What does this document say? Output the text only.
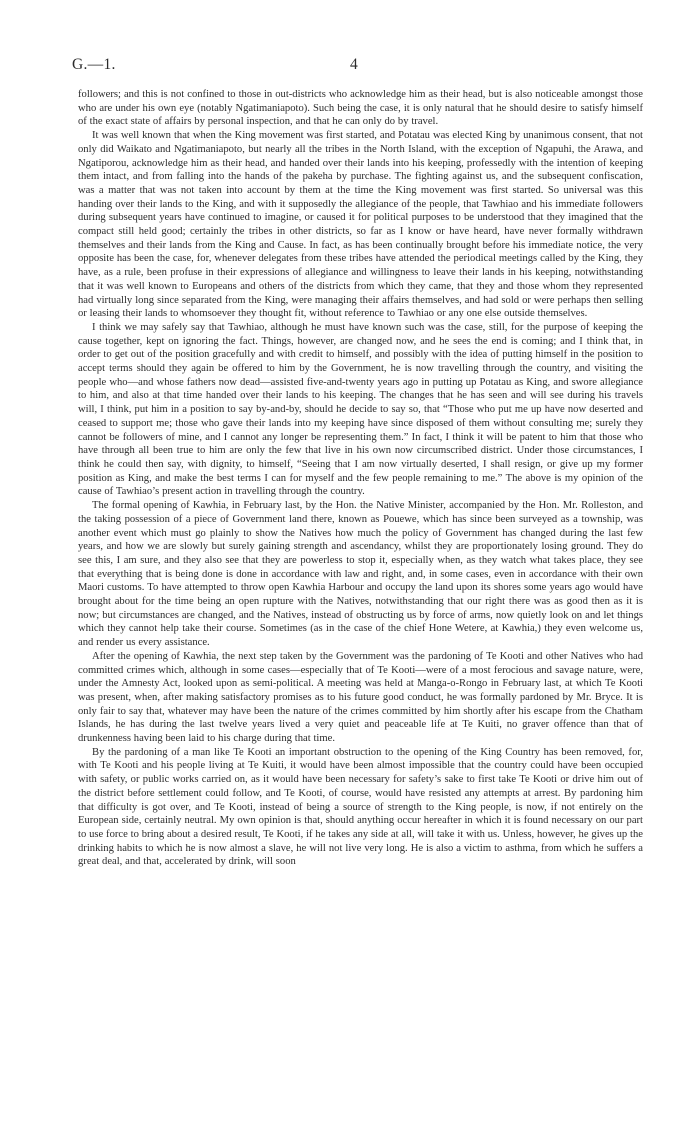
G.—1.	4

followers; and this is not confined to those in out-districts who acknowledge him as their head, but is also noticeable amongst those who are under his own eye (notably Ngatimaniapoto). Such being the case, it is only natural that he should desire to satisfy himself of the exact state of affairs by personal inspection, and that he can only do by travel.

It was well known that when the King movement was first started, and Potatau was elected King by unanimous consent, that not only did Waikato and Ngatimaniapoto, but nearly all the tribes in the North Island, with the exception of Ngapuhi, the Arawa, and Ngatiporou, acknowledge him as their head, and handed over their lands into his keeping, professedly with the intention of keeping them intact, and from falling into the hands of the pakeha by purchase. The fighting against us, and the subsequent confiscation, was a matter that was not taken into account by them at the time the King movement was first started. So universal was this handing over their lands to the King, and with it supposedly the allegiance of the people, that Tawhiao and his immediate followers during subsequent years have continued to imagine, or caused it for political purposes to be understood that they imagined that the compact still held good; certainly the tribes in other districts, so far as I know or have heard, have never formally withdrawn themselves and their lands from the King and Cause. In fact, as has been continually brought before his immediate notice, the very opposite has been the case, for, whenever delegates from these tribes have attended the periodical meetings called by the King, they have, as a rule, been profuse in their expressions of allegiance and willingness to leave their lands in his keeping, notwithstanding that it was well known to Europeans and others of the districts from which they came, that they and those whom they represented had virtually long since separated from the King, were managing their affairs themselves, and had sold or were perhaps then selling or leasing their lands to whomsoever they thought fit, without reference to Tawhiao or any one else outside themselves.

I think we may safely say that Tawhiao, although he must have known such was the case, still, for the purpose of keeping the cause together, kept on ignoring the fact. Things, however, are changed now, and he sees the end is coming; and I think that, in order to get out of the position gracefully and with credit to himself, and possibly with the idea of putting himself in the position to accept terms should they again be offered to him by the Government, he is now travelling through the country, and visiting the people who—and whose fathers now dead—assisted five-and-twenty years ago in putting up Potatau as King, and swore allegiance to him, and also at that time handed over their lands to his keeping. The changes that he has seen and will see during his travels will, I think, put him in a position to say by-and-by, should he decide to say so, that “Those who put me up have now deserted and ceased to support me; those who gave their lands into my keeping have since disposed of them without consulting me; surely they cannot be followers of mine, and I cannot any longer be representing them.” In fact, I think it will be patent to him that those who have through all been true to him are only the few that live in his own now circumscribed district. Under those circumstances, I think he could then say, with dignity, to himself, “Seeing that I am now virtually deserted, I shall resign, or give up my former position as King, and make the best terms I can for myself and the few people remaining to me.” The above is my opinion of the cause of Tawhiao’s present action in travelling through the country.

The formal opening of Kawhia, in February last, by the Hon. the Native Minister, accompanied by the Hon. Mr. Rolleston, and the taking possession of a piece of Government land there, known as Pouewe, which has since been surveyed as a township, was another event which must go plainly to show the Natives how much the policy of Government has changed during the last few years, and how we are slowly but surely gaining strength and ascendancy, whilst they are proportionately losing ground. They do see this, I am sure, and they also see that they are powerless to stop it, especially when, as they watch what takes place, they see that everything that is being done is done in accordance with law and right, and, in some cases, even in accordance with their own Maori customs. To have attempted to throw open Kawhia Harbour and occupy the land upon its shores some years ago would have brought about for the time being an open rupture with the Natives, notwithstanding that our right there was as good then as it is now; but circumstances are changed, and the Natives, instead of obstructing us by force of arms, now quietly look on and let things which they cannot help take their course. Sometimes (as in the case of the chief Hone Wetere, at Kawhia,) they even welcome us, and render us every assistance.

After the opening of Kawhia, the next step taken by the Government was the pardoning of Te Kooti and other Natives who had committed crimes which, although in some cases—especially that of Te Kooti—were of a most ferocious and savage nature, were, under the Amnesty Act, looked upon as semi-political. A meeting was held at Manga-o-Rongo in February last, at which Te Kooti was present, when, after making satisfactory promises as to his future good conduct, he was formally pardoned by Mr. Bryce. It is only fair to say that, whatever may have been the nature of the crimes committed by him shortly after his escape from the Chatham Islands, he has during the last twelve years lived a very quiet and peaceable life at Te Kuiti, no graver offence than that of drunkenness having been laid to his charge during that time.

By the pardoning of a man like Te Kooti an important obstruction to the opening of the King Country has been removed, for, with Te Kooti and his people living at Te Kuiti, it would have been almost impossible that the country could have been occupied with safety, or public works carried on, as it would have been necessary for safety’s sake to first take Te Kooti or drive him out of the district before settlement could follow, and Te Kooti, of course, would have resisted any attempts at arrest. By pardoning him that difficulty is got over, and Te Kooti, instead of being a source of strength to the King people, is now, if not entirely on the European side, certainly neutral. My own opinion is that, should anything occur hereafter in which it is found necessary on our part to use force to bring about a desired result, Te Kooti, if he takes any side at all, will take it with us. Unless, however, he gives up the drinking habits to which he is now almost a slave, he will not live very long. He is also a victim to asthma, from which he suffers a great deal, and that, accelerated by drink, will soon
